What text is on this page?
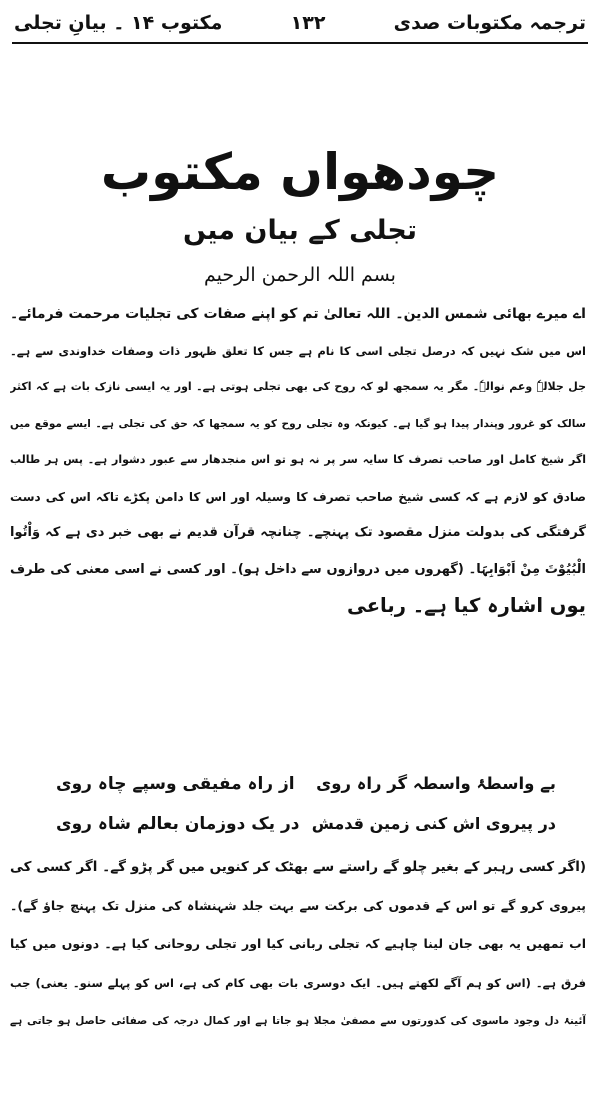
ترجمہ مکتوبات صدی
۱۳۲
مکتوب ۱۴ ۔ بیانِ تجلی
چودھواں مکتوب
تجلی کے بیان میں
بسم اللہ الرحمن الرحیم
اے میرے بھائی شمس الدین۔ اللہ تعالیٰ تم کو اپنے صفات کی تجلیات مرحمت فرمائے۔
اس میں شک نہیں کہ درصل تجلی اسی کا نام ہے جس کا تعلق ظہور ذات وصفات خداوندی سے ہے۔
جل جلالہٗ وعم نوالہٗ۔ مگر یہ سمجھ لو کہ روح کی بھی تجلی ہوتی ہے۔ اور یہ ایسی نازک بات ہے کہ اکثر
سالک کو غرور وپندار پیدا ہو گیا ہے۔ کیونکہ وہ تجلی روح کو یہ سمجھا کہ حق کی تجلی ہے۔ ایسے موقع میں
اگر شیخ کامل اور صاحب تصرف کا سایہ سر پر نہ ہو تو اس منجدھار سے عبور دشوار ہے۔ پس ہر طالب
صادق کو لازم ہے کہ کسی شیخ صاحب تصرف کا وسیلہ اور اس کا دامن پکڑے تاکہ اس کی دست
گرفتگی کی بدولت منزل مقصود تک پہنچے۔ چنانچہ قرآن قدیم نے بھی خبر دی ہے کہ وَاْتُوا
الْبُیُوْتَ مِنْ اَبْوَابِہَا۔ (گھروں میں دروازوں سے داخل ہو)۔ اور کسی نے اسی معنی کی طرف
یوں اشارہ کیا ہے۔ رباعی
بے واسطۂ واسطہ گر راہ روی
از راہ مفیقی وسپے چاہ روی
در پیروی اش کنی زمین قدمش
در یک دوزمان بعالم شاہ روی
(اگر کسی رہبر کے بغیر چلو گے راستے سے بھٹک کر کنویں میں گر پڑو گے۔ اگر کسی کی
پیروی کرو گے تو اس کے قدموں کی برکت سے بہت جلد شہنشاہ کی منزل تک پہنچ جاؤ گے)۔
اب تمھیں یہ بھی جان لینا چاہیے کہ تجلی ربانی کیا اور تجلی روحانی کیا ہے۔ دونوں میں کیا
فرق ہے۔ (اس کو ہم آگے لکھتے ہیں۔ ایک دوسری بات بھی کام کی ہے، اس کو پہلے سنو۔ یعنی) جب
آئینۂ دل وجود ماسوی کی کدورتوں سے مصفیٰ مجلا ہو جاتا ہے اور کمال درجہ کی صفائی حاصل ہو جاتی ہے
